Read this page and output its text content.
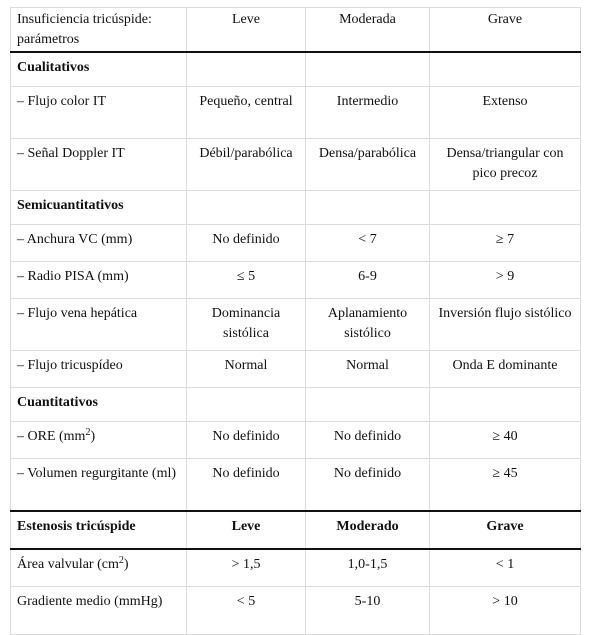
Insuficiencia tricúspide: parámetros	Leve	Moderada	Grave
Cualitativos			
– Flujo color IT	Pequeño, central	Intermedio	Extenso
– Señal Doppler IT	Débil/parabólica	Densa/parabólica	Densa/triangular con pico precoz
Semicuantitativos			
– Anchura VC (mm)	No definido	< 7	≥ 7
– Radio PISA (mm)	≤ 5	6-9	> 9
– Flujo vena hepática	Dominancia sistólica	Aplanamiento sistólico	Inversión flujo sistólico
– Flujo tricuspídeo	Normal	Normal	Onda E dominante
Cuantitativos			
– ORE $(mm^2)$	No definido	No definido	≥ 40
– Volumen regurgitante (ml)	No definido	No definido	≥ 45
Estenosis tricúspide	Leve	Moderado	Grave
Área valvular $(cm^2)$	> 1,5	1,0-1,5	< 1
Gradiente medio (mmHg)	< 5	5-10	> 10
